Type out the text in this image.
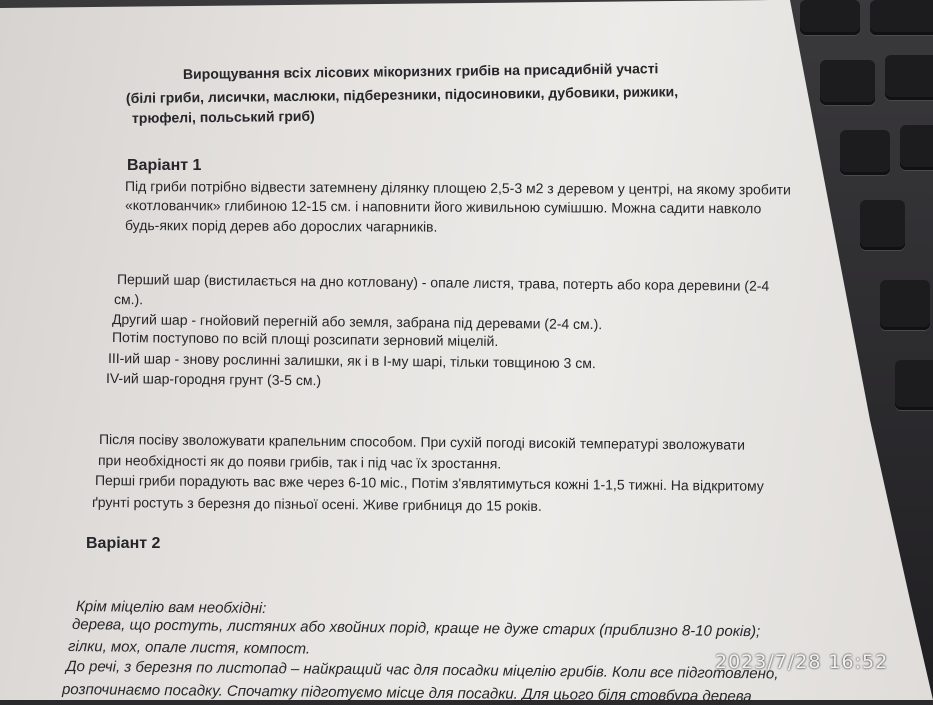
Вирощування всіх лісових мікоризних грибів на присадибній участі
(білі гриби, лисички, маслюки, підберезники, підосиновики, дубовики, рижики,
трюфелі, польський гриб)
Варіант 1
Під гриби потрібно відвести затемнену ділянку площею 2,5-3 м2 з деревом у центрі, на якому зробити
«котлованчик» глибиною 12-15 см. і наповнити його живильною сумішшю. Можна садити навколо
будь-яких порід дерев або дорослих чагарників.
Перший шар (вистилається на дно котловану) - опале листя, трава, потерть або кора деревини (2-4
см.).
Другий шар - гнойовий перегній або земля, забрана під деревами (2-4 см.).
Потім поступово по всій площі розсипати зерновий міцелій.
ІІІ-ий шар - знову рослинні залишки, як і в І-му шарі, тільки товщиною 3 см.
IV-ий шар-городня грунт (3-5 см.)
Після посіву зволожувати крапельним способом. При сухій погоді високій температурі зволожувати
при необхідності як до появи грибів, так і під час їх зростання.
Перші гриби порадують вас вже через 6-10 міс., Потім з'являтимуться кожні 1-1,5 тижні. На відкритому
ґрунті ростуть з березня до пізньої осені. Живе грибниця до 15 років.
Варіант 2
Крім міцелію вам необхідні:
дерева, що ростуть, листяних або хвойних порід, краще не дуже старих (приблизно 8-10 років);
гілки, мох, опале листя, компост.
До речі, з березня по листопад – найкращий час для посадки міцелію грибів. Коли все підготовлено,
розпочинаємо посадку. Спочатку підготуємо місце для посадки. Для цього біля стовбура дерева
2023/7/28 16:52
